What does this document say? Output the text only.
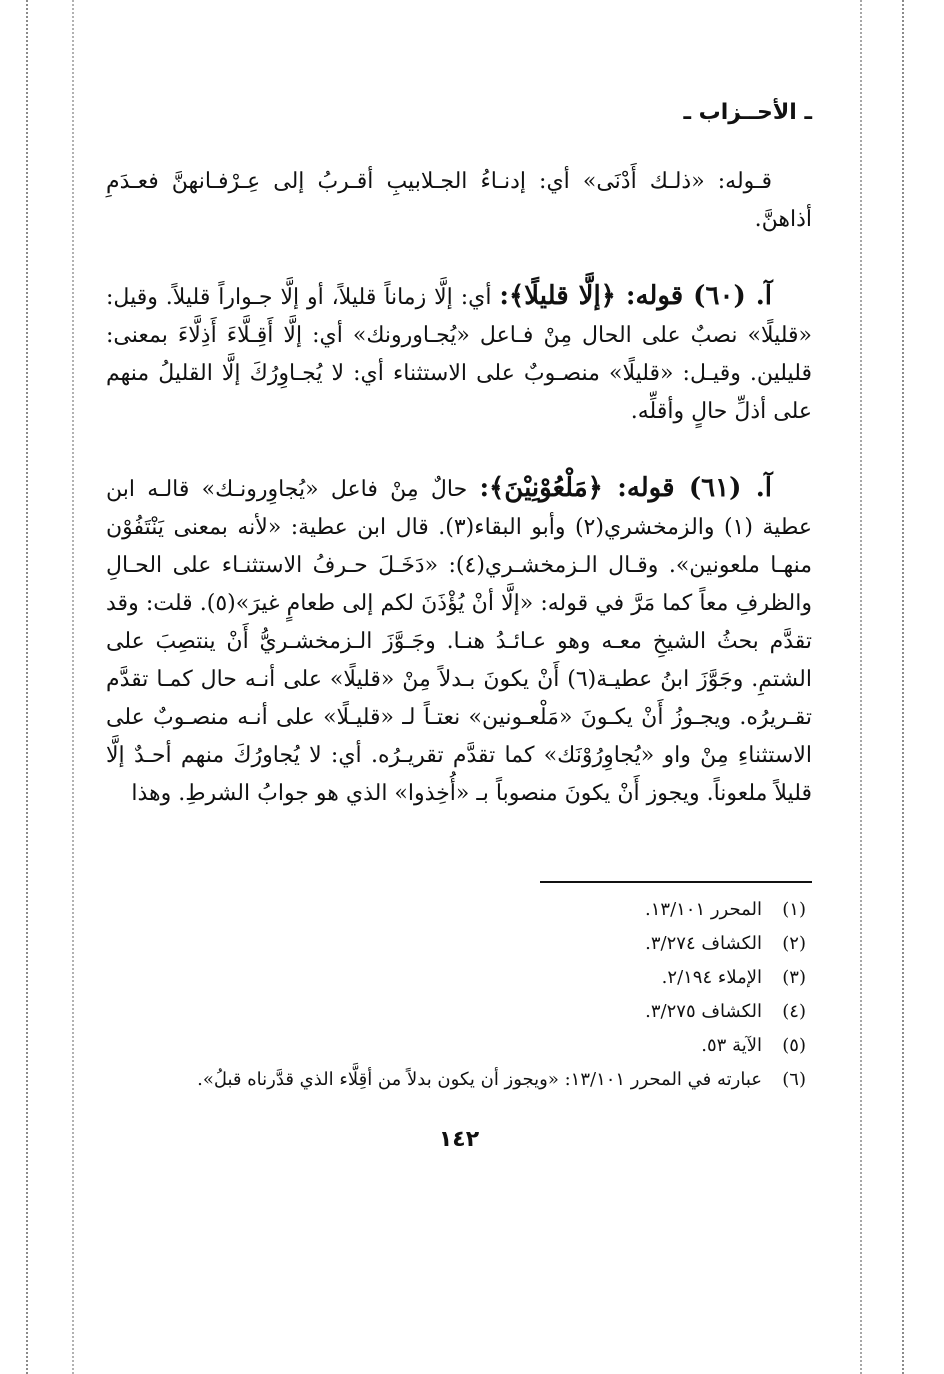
ـ الأحــزاب ـ

قـوله: «ذلـك أَدْنَى» أي: إدنـاءُ الجـلابيبِ أقـربُ إلى عِـرْفـانهنَّ فعـدَمِ أذاهنَّ.

آ. (٦٠) قوله: ﴿إلَّا قليلًا﴾: أي: إلَّا زماناً قليلاً، أو إلَّا جـواراً قليلاً. وقيل: «قليلًا» نصبٌ على الحال مِنْ فـاعل «يُجـاورونك» أي: إلَّا أَقِـلَّاءَ أَذِلَّاءَ بمعنى: قليلين. وقيـل: «قليلًا» منصـوبٌ على الاستثناء أي: لا يُجـاوِرُكَ إلَّا القليلُ منهم على أذلِّ حالٍ وأقلِّه.

آ. (٦١) قوله: ﴿مَلْعُوْنِيْنَ﴾: حالٌ مِنْ فاعل «يُجاوِرونـك» قالـه ابن عطية (١) والزمخشري(٢) وأبو البقاء(٣). قال ابن عطية: «لأنه بمعنى يَنْتَفُوْن منهـا ملعونين». وقـال الـزمخشـري(٤): «دَخَـلَ حـرفُ الاستثنـاء على الحـالِ والظرفِ معاً كما مَرَّ في قوله: «إلَّا أنْ يُؤْذَنَ لكم إلى طعامٍ غيرَ»(٥). قلت: وقد تقدَّم بحثُ الشيخِ معـه وهو عـائـدُ هنـا. وجَـوَّزَ الـزمخشـريُّ أَنْ ينتصِبَ على الشتمِ. وجَوَّزَ ابنُ عطيـة(٦) أَنْ يكونَ بـدلاً مِنْ «قليلًا» على أنـه حال كمـا تقدَّم تقـريرُه. ويجـوزُ أَنْ يكـونَ «مَلْعـونين» نعتـاً لـ «قليـلًا» على أنـه منصـوبٌ على الاستثناءِ مِنْ واو «يُجاوِرُوْنَك» كما تقدَّم تقريـرُه. أي: لا يُجاورُكَ منهم أحـدٌ إلَّا قليلاً ملعوناً. ويجوز أَنْ يكونَ منصوباً بـ «أُخِذوا» الذي هو جوابُ الشرطِ. وهذا

(١)المحرر ١٣/١٠١.
(٢)الكشاف ٣/٢٧٤.
(٣)الإملاء ٢/١٩٤.
(٤)الكشاف ٣/٢٧٥.
(٥)الآية ٥٣.
(٦)عبارته في المحرر ١٣/١٠١: «ويجوز أن يكون بدلاً من أقِلَّاء الذي قدَّرناه قبلُ».
١٤٢
